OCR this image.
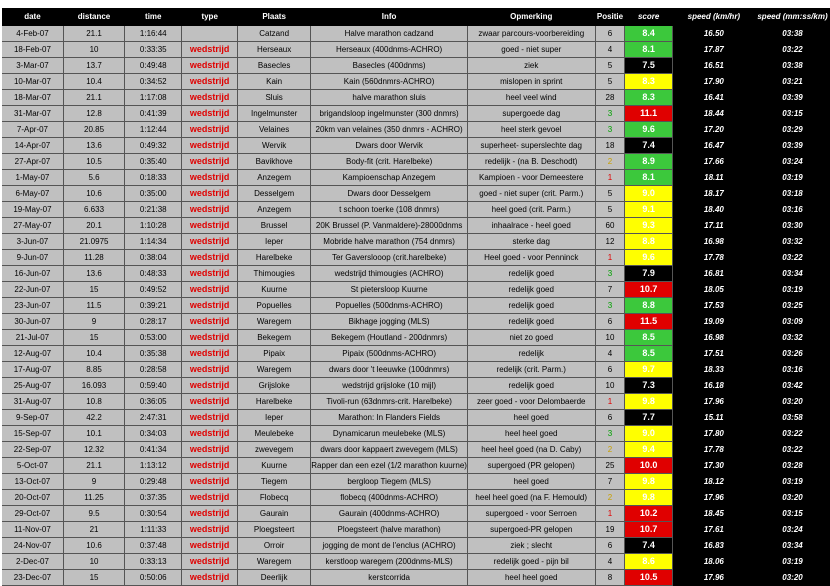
date	distance	time	type	Plaats	Info	Opmerking	Positie	score	speed (km/hr)	speed (mm:ss/km)
4-Feb-07	21.1	1:16:44		Catzand	Halve marathon cadzand	zwaar parcours-voorbereiding	6	8.4	16.50	03:38
18-Feb-07	10	0:33:35	wedstrijd	Herseaux	Herseaux (400dnms-ACHRO)	goed - niet super	4	8.1	17.87	03:22
3-Mar-07	13.7	0:49:48	wedstrijd	Basecles	Basecles (400dnms)	ziek	5	7.5	16.51	03:38
10-Mar-07	10.4	0:34:52	wedstrijd	Kain	Kain (560dnmrs-ACHRO)	mislopen in sprint	5	8.3	17.90	03:21
18-Mar-07	21.1	1:17:08	wedstrijd	Sluis	halve marathon sluis	heel veel wind	28	8.3	16.41	03:39
31-Mar-07	12.8	0:41:39	wedstrijd	Ingelmunster	brigandsloop ingelmunster (300 dnmrs)	supergoede dag	3	11.1	18.44	03:15
7-Apr-07	20.85	1:12:44	wedstrijd	Velaines	20km van velaines (350 dnmrs - ACHRO)	heel sterk gevoel	3	9.6	17.20	03:29
14-Apr-07	13.6	0:49:32	wedstrijd	Wervik	Dwars door Wervik	superheet- superslechte dag	18	7.4	16.47	03:39
27-Apr-07	10.5	0:35:40	wedstrijd	Bavikhove	Body-fit (crit. Harelbeke)	redelijk - (na B. Deschodt)	2	8.9	17.66	03:24
1-May-07	5.6	0:18:33	wedstrijd	Anzegem	Kampioenschap Anzegem	Kampioen - voor Demeestere	1	8.1	18.11	03:19
6-May-07	10.6	0:35:00	wedstrijd	Desselgem	Dwars door Desselgem	goed - niet super (crit. Parm.)	5	9.0	18.17	03:18
19-May-07	6.633	0:21:38	wedstrijd	Anzegem	t schoon toerke (108 dnmrs)	heel goed (crit. Parm.)	5	9.1	18.40	03:16
27-May-07	20.1	1:10:28	wedstrijd	Brussel	20K Brussel (P. Vanmaldere)-28000dnms	inhaalrace - heel goed	60	9.3	17.11	03:30
3-Jun-07	21.0975	1:14:34	wedstrijd	Ieper	Mobride halve marathon (754 dnmrs)	sterke dag	12	8.8	16.98	03:32
9-Jun-07	11.28	0:38:04	wedstrijd	Harelbeke	Ter Gaverslooop (crit.harelbeke)	Heel goed - voor Penninck	1	9.6	17.78	03:22
16-Jun-07	13.6	0:48:33	wedstrijd	Thimougies	wedstrijd thimougies (ACHRO)	redelijk goed	3	7.9	16.81	03:34
22-Jun-07	15	0:49:52	wedstrijd	Kuurne	St pietersloop Kuurne	redelijk goed	7	10.7	18.05	03:19
23-Jun-07	11.5	0:39:21	wedstrijd	Popuelles	Popuelles (500dnms-ACHRO)	redelijk goed	3	8.8	17.53	03:25
30-Jun-07	9	0:28:17	wedstrijd	Waregem	Bikhage jogging (MLS)	redelijk goed	6	11.5	19.09	03:09
21-Jul-07	15	0:53:00	wedstrijd	Bekegem	Bekegem (Houtland - 200dnmrs)	niet zo goed	10	8.5	16.98	03:32
12-Aug-07	10.4	0:35:38	wedstrijd	Pipaix	Pipaix (500dnms-ACHRO)	redelijk	4	8.5	17.51	03:26
17-Aug-07	8.85	0:28:58	wedstrijd	Waregem	dwars door 't leeuwke (100dnmrs)	redelijk (crit. Parm.)	6	9.7	18.33	03:16
25-Aug-07	16.093	0:59:40	wedstrijd	Grijsloke	wedstrijd grijsloke (10 mijl)	redelijk goed	10	7.3	16.18	03:42
31-Aug-07	10.8	0:36:05	wedstrijd	Harelbeke	Tivoli-run (63dnmrs-crit. Harelbeke)	zeer goed - voor Delombaerde	1	9.8	17.96	03:20
9-Sep-07	42.2	2:47:31	wedstrijd	Ieper	Marathon: In Flanders Fields	heel goed	6	7.7	15.11	03:58
15-Sep-07	10.1	0:34:03	wedstrijd	Meulebeke	Dynamicarun meulebeke (MLS)	heel heel goed	3	9.0	17.80	03:22
22-Sep-07	12.32	0:41:34	wedstrijd	zwevegem	dwars door kappaert zwevegem (MLS)	heel heel goed (na D. Caby)	2	9.4	17.78	03:22
5-Oct-07	21.1	1:13:12	wedstrijd	Kuurne	Rapper dan een ezel (1/2 marathon kuurne)	supergoed (PR gelopen)	25	10.0	17.30	03:28
13-Oct-07	9	0:29:48	wedstrijd	Tiegem	bergloop Tiegem (MLS)	heel goed	7	9.8	18.12	03:19
20-Oct-07	11.25	0:37:35	wedstrijd	Flobecq	flobecq (400dnms-ACHRO)	heel heel goed (na F. Hemould)	2	9.8	17.96	03:20
29-Oct-07	9.5	0:30:54	wedstrijd	Gaurain	Gaurain (400dnms-ACHRO)	supergoed - voor Serroen	1	10.2	18.45	03:15
11-Nov-07	21	1:11:33	wedstrijd	Ploegsteert	Ploegsteert (halve marathon)	supergoed-PR gelopen	19	10.7	17.61	03:24
24-Nov-07	10.6	0:37:48	wedstrijd	Orroir	jogging de mont de l'enclus (ACHRO)	ziek ; slecht	6	7.4	16.83	03:34
2-Dec-07	10	0:33:13	wedstrijd	Waregem	kerstloop waregem (200dnms-MLS)	redelijk goed - pijn bil	4	8.6	18.06	03:19
23-Dec-07	15	0:50:06	wedstrijd	Deerlijk	kerstcorrida	heel heel goed	8	10.5	17.96	03:20
